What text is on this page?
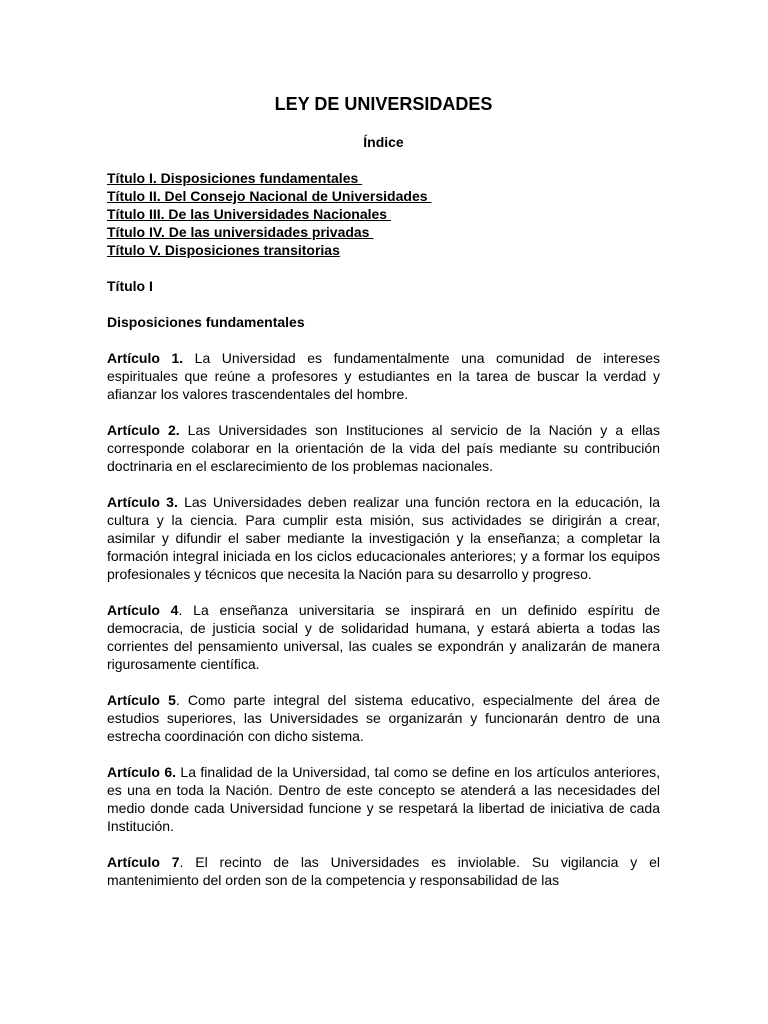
LEY DE UNIVERSIDADES
Índice
Título I. Disposiciones fundamentales
Título II. Del Consejo Nacional de Universidades
Título III. De las Universidades Nacionales
Título IV. De las universidades privadas
Título V. Disposiciones transitorias
Título I
Disposiciones fundamentales

Artículo 1. La Universidad es fundamentalmente una comunidad de intereses espirituales que reúne a profesores y estudiantes en la tarea de buscar la verdad y afianzar los valores trascendentales del hombre.

Artículo 2. Las Universidades son Instituciones al servicio de la Nación y a ellas corresponde colaborar en la orientación de la vida del país mediante su contribución doctrinaria en el esclarecimiento de los problemas nacionales.

Artículo 3. Las Universidades deben realizar una función rectora en la educación, la cultura y la ciencia. Para cumplir esta misión, sus actividades se dirigirán a crear, asimilar y difundir el saber mediante la investigación y la enseñanza; a completar la formación integral iniciada en los ciclos educacionales anteriores; y a formar los equipos profesionales y técnicos que necesita la Nación para su desarrollo y progreso.

Artículo 4. La enseñanza universitaria se inspirará en un definido espíritu de democracia, de justicia social y de solidaridad humana, y estará abierta a todas las corrientes del pensamiento universal, las cuales se expondrán y analizarán de manera rigurosamente científica.

Artículo 5. Como parte integral del sistema educativo, especialmente del área de estudios superiores, las Universidades se organizarán y funcionarán dentro de una estrecha coordinación con dicho sistema.

Artículo 6. La finalidad de la Universidad, tal como se define en los artículos anteriores, es una en toda la Nación. Dentro de este concepto se atenderá a las necesidades del medio donde cada Universidad funcione y se respetará la libertad de iniciativa de cada Institución.

Artículo 7. El recinto de las Universidades es inviolable. Su vigilancia y el mantenimiento del orden son de la competencia y responsabilidad de las
